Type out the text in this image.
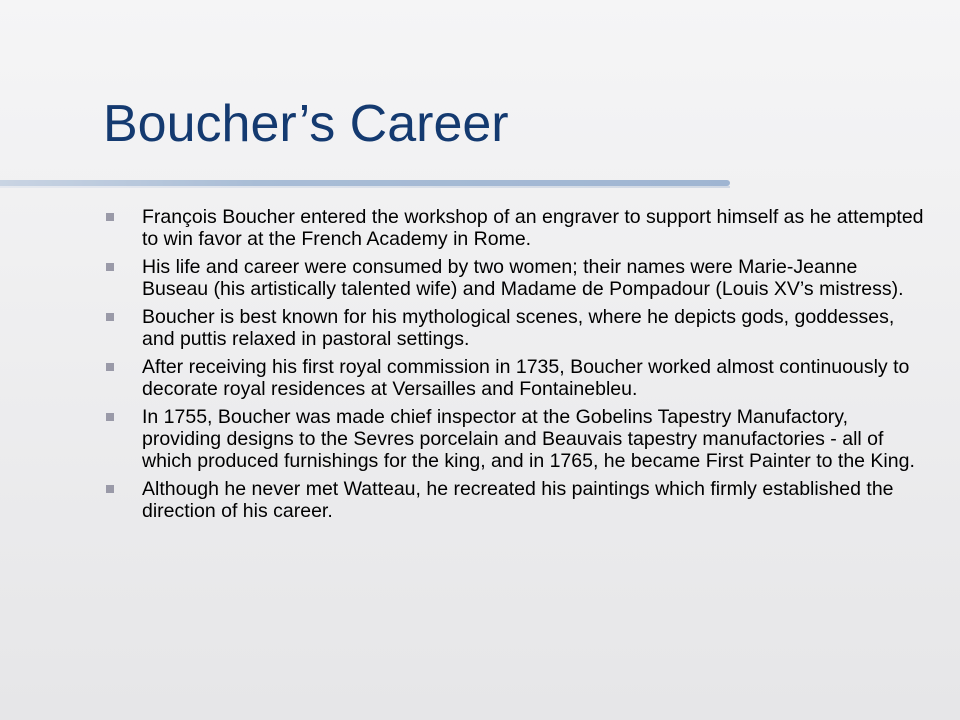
Boucher’s Career
François Boucher entered the workshop of an engraver to support himself as he attempted to win favor at the French Academy in Rome.
His life and career were consumed by two women; their names were Marie-Jeanne Buseau (his artistically talented wife) and Madame de Pompadour (Louis XV’s mistress).
Boucher is best known for his mythological scenes, where he depicts gods, goddesses, and puttis relaxed in pastoral settings.
After receiving his first royal commission in 1735, Boucher worked almost continuously to decorate royal residences at Versailles and Fontainebleu.
In 1755, Boucher was made chief inspector at the Gobelins Tapestry Manufactory, providing designs to the Sevres porcelain and Beauvais tapestry manufactories - all of which produced furnishings for the king, and in 1765, he became First Painter to the King.
Although he never met Watteau, he recreated his paintings which firmly established the direction of his career.
